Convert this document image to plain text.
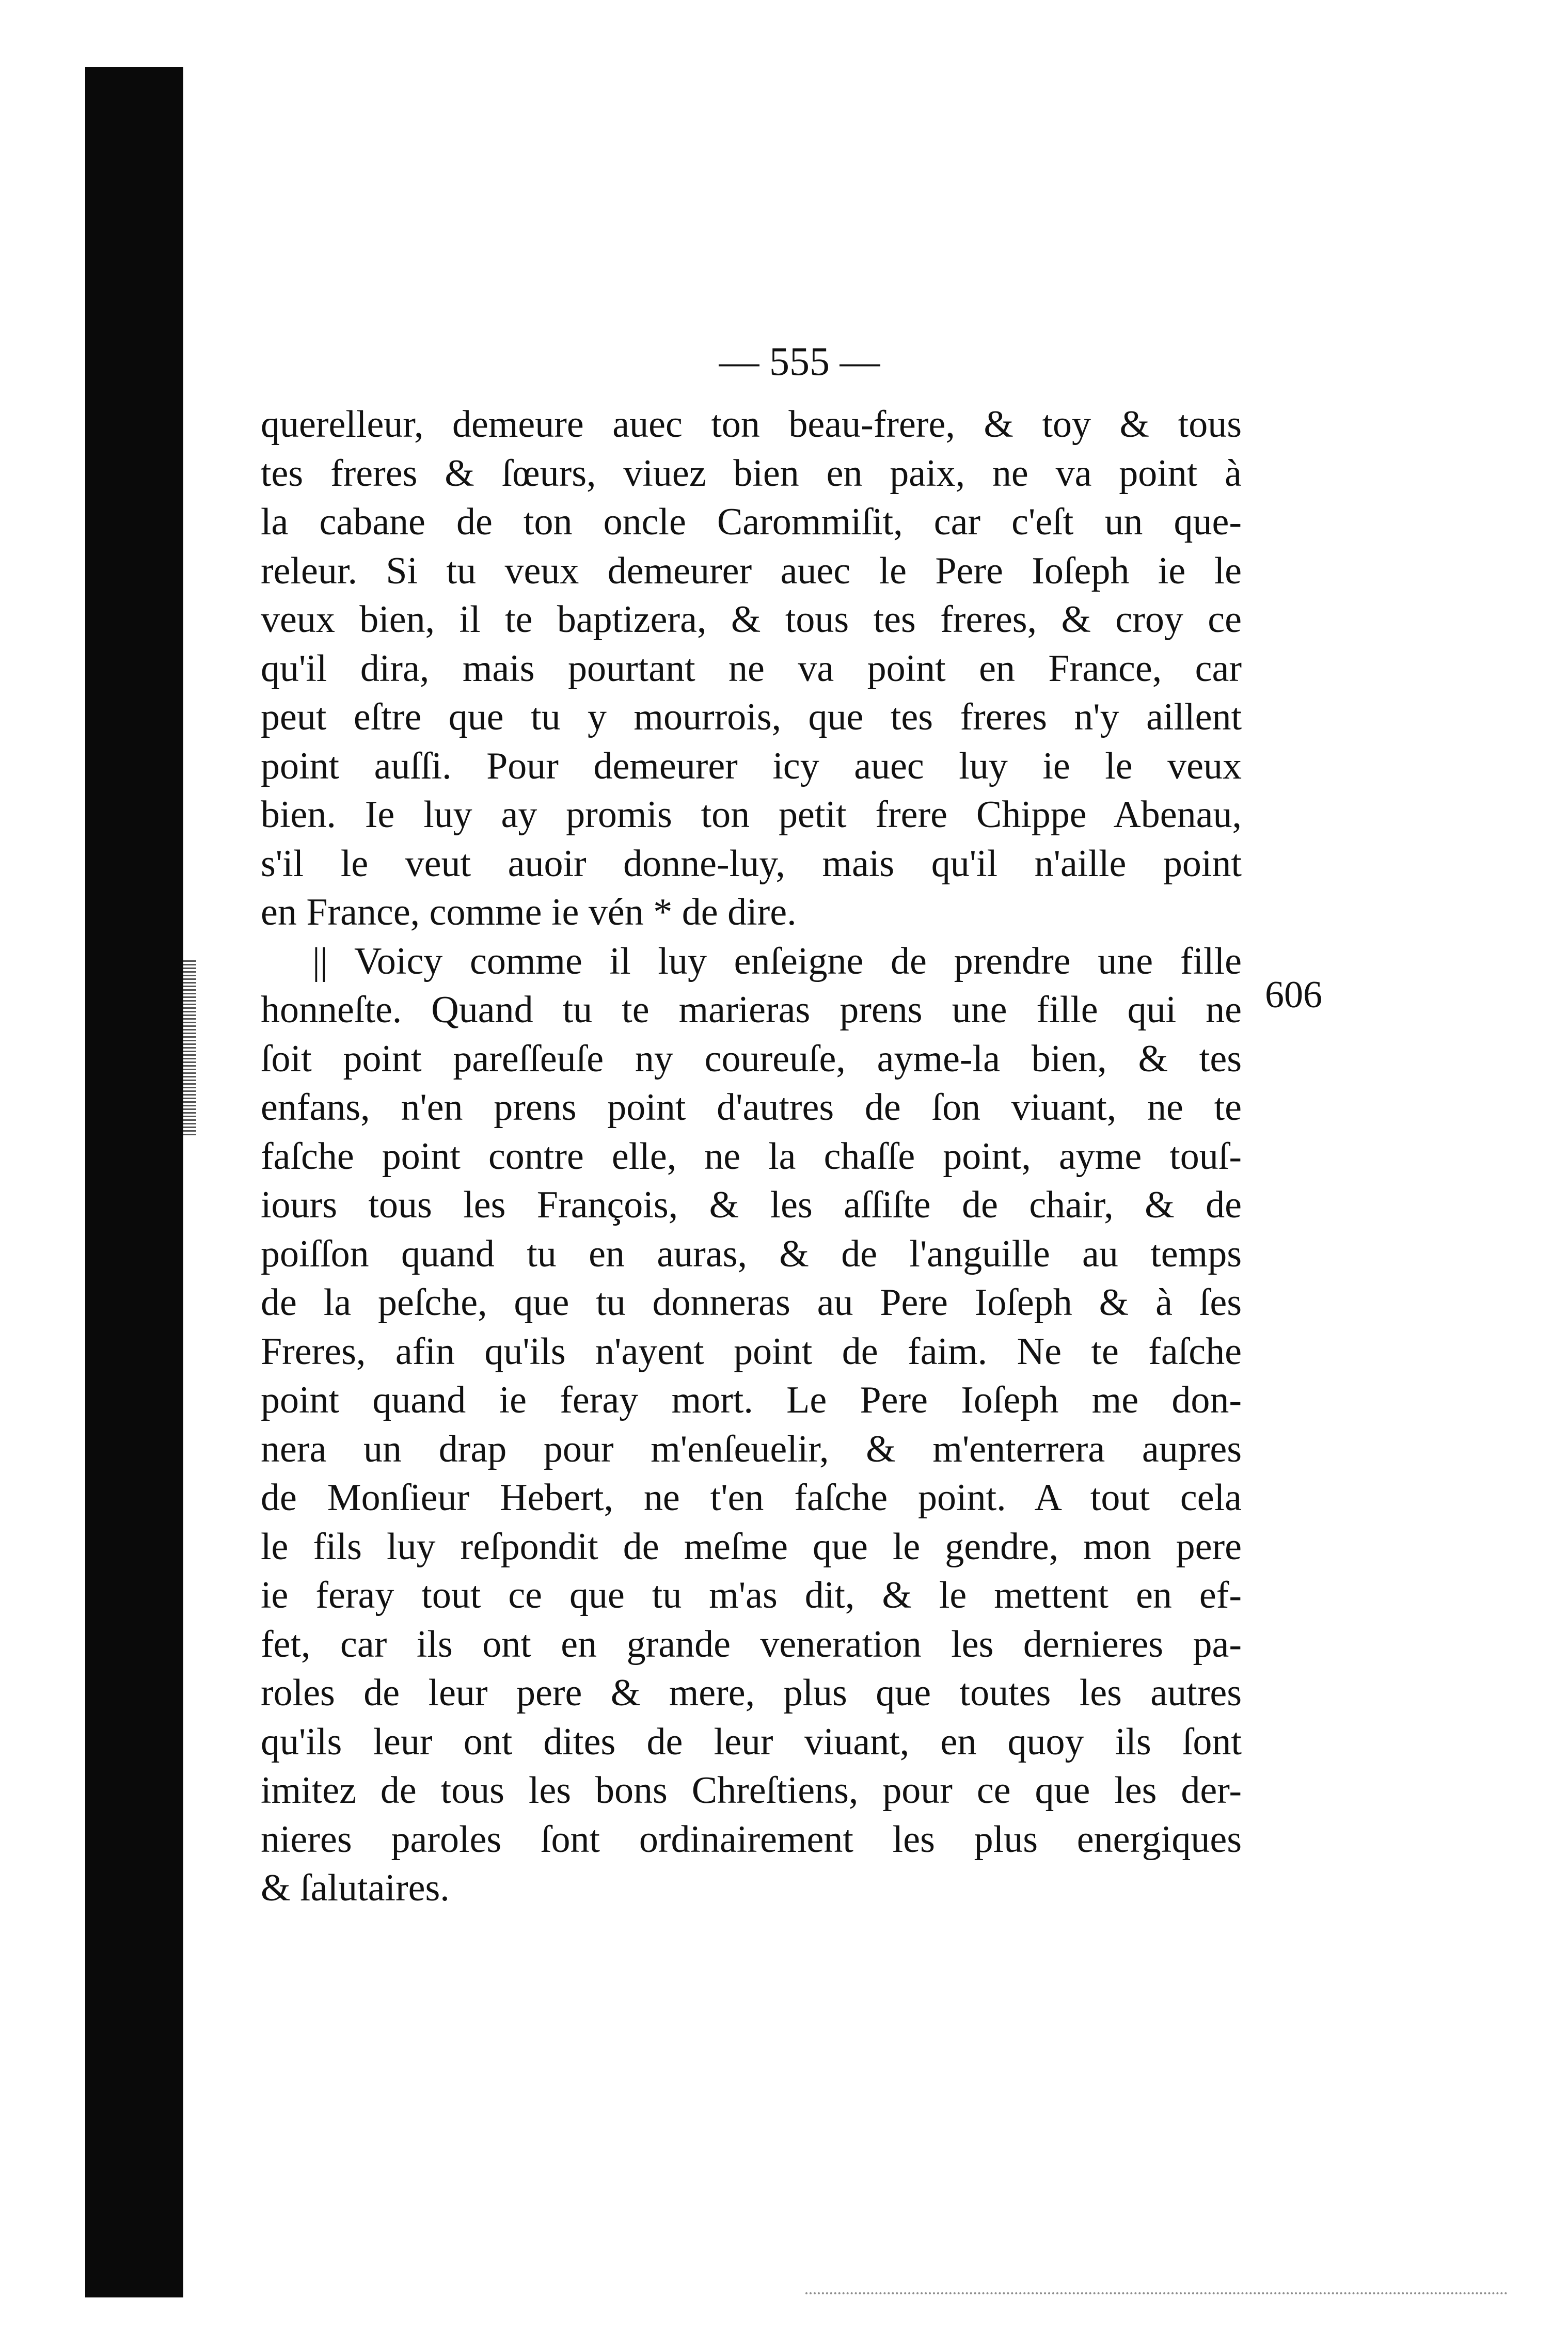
— 555 —
querelleur, demeure auec ton beau-frere, & toy & tous
tes freres & ſœurs, viuez bien en paix, ne va point à
la cabane de ton oncle Carommiſit, car c'eſt un que-
releur. Si tu veux demeurer auec le Pere Ioſeph ie le
veux bien, il te baptizera, & tous tes freres, & croy ce
qu'il dira, mais pourtant ne va point en France, car
peut eſtre que tu y mourrois, que tes freres n'y aillent
point auſſi. Pour demeurer icy auec luy ie le veux
bien. Ie luy ay promis ton petit frere Chippe Abenau,
s'il le veut auoir donne-luy, mais qu'il n'aille point
en France, comme ie vén * de dire.
|| Voicy comme il luy enſeigne de prendre une fille
honneſte. Quand tu te marieras prens une fille qui ne
ſoit point pareſſeuſe ny coureuſe, ayme-la bien, & tes
enfans, n'en prens point d'autres de ſon viuant, ne te
faſche point contre elle, ne la chaſſe point, ayme touſ-
iours tous les François, & les aſſiſte de chair, & de
poiſſon quand tu en auras, & de l'anguille au temps
de la peſche, que tu donneras au Pere Ioſeph & à ſes
Freres, afin qu'ils n'ayent point de faim. Ne te faſche
point quand ie feray mort. Le Pere Ioſeph me don-
nera un drap pour m'enſeuelir, & m'enterrera aupres
de Monſieur Hebert, ne t'en faſche point. A tout cela
le fils luy reſpondit de meſme que le gendre, mon pere
ie feray tout ce que tu m'as dit, & le mettent en ef-
fet, car ils ont en grande veneration les dernieres pa-
roles de leur pere & mere, plus que toutes les autres
qu'ils leur ont dites de leur viuant, en quoy ils ſont
imitez de tous les bons Chreſtiens, pour ce que les der-
nieres paroles ſont ordinairement les plus energiques
& ſalutaires.
606
